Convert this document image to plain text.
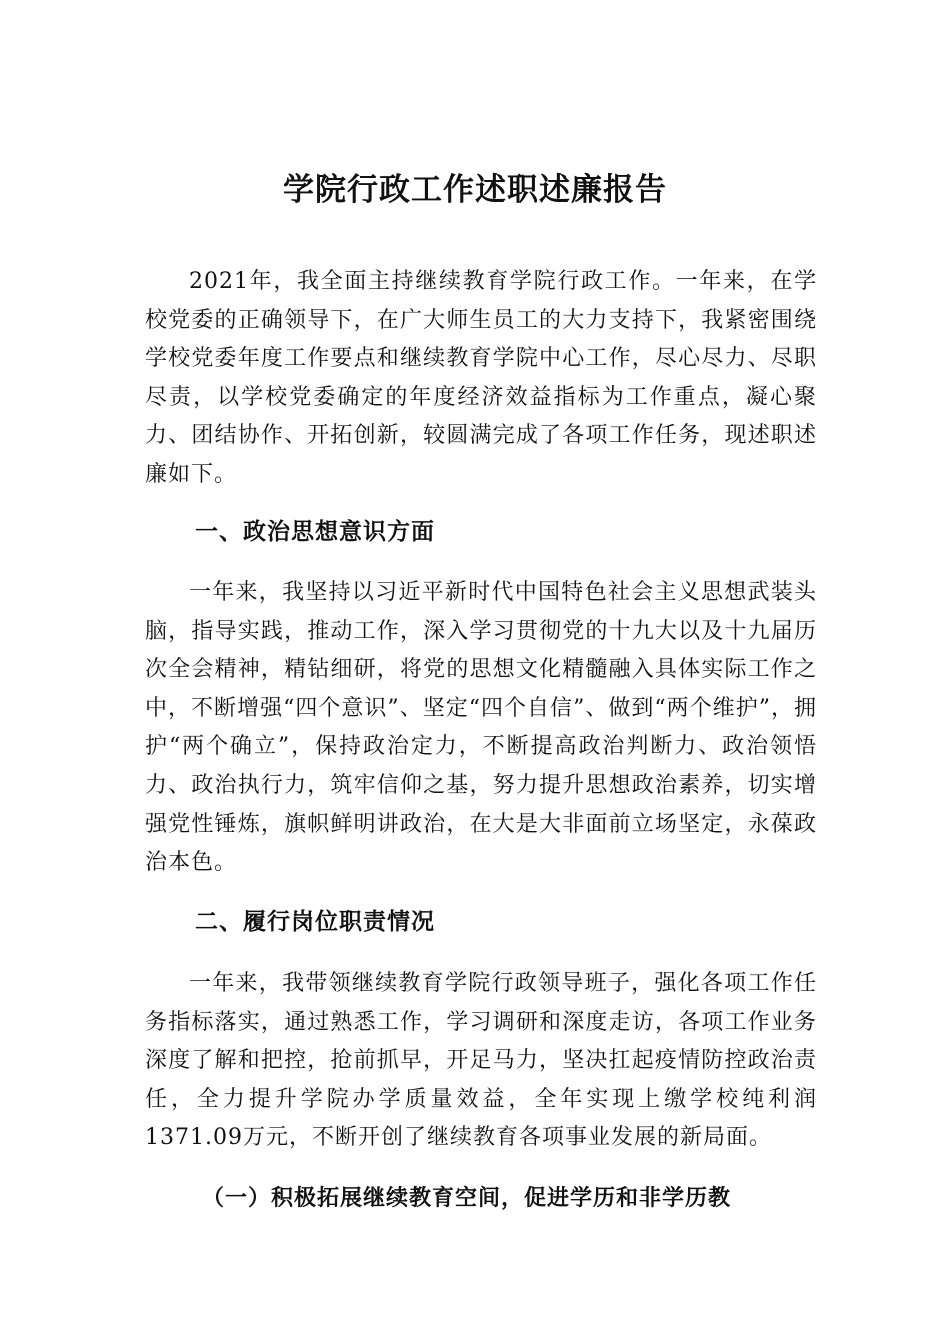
学院行政工作述职述廉报告

2021年，我全面主持继续教育学院行政工作。一年来，在学校党委的正确领导下，在广大师生员工的大力支持下，我紧密围绕学校党委年度工作要点和继续教育学院中心工作，尽心尽力、尽职尽责，以学校党委确定的年度经济效益指标为工作重点，凝心聚力、团结协作、开拓创新，较圆满完成了各项工作任务，现述职述廉如下。

一、政治思想意识方面

一年来，我坚持以习近平新时代中国特色社会主义思想武装头脑，指导实践，推动工作，深入学习贯彻党的十九大以及十九届历次全会精神，精钻细研，将党的思想文化精髓融入具体实际工作之中，不断增强“四个意识”、坚定“四个自信”、做到“两个维护”，拥护“两个确立”，保持政治定力，不断提高政治判断力、政治领悟力、政治执行力，筑牢信仰之基，努力提升思想政治素养，切实增强党性锤炼，旗帜鲜明讲政治，在大是大非面前立场坚定，永葆政治本色。

二、履行岗位职责情况

一年来，我带领继续教育学院行政领导班子，强化各项工作任务指标落实，通过熟悉工作，学习调研和深度走访，各项工作业务深度了解和把控，抢前抓早，开足马力，坚决扛起疫情防控政治责任，全力提升学院办学质量效益，全年实现上缴学校纯利润1371.09万元，不断开创了继续教育各项事业发展的新局面。

（一）积极拓展继续教育空间，促进学历和非学历教
